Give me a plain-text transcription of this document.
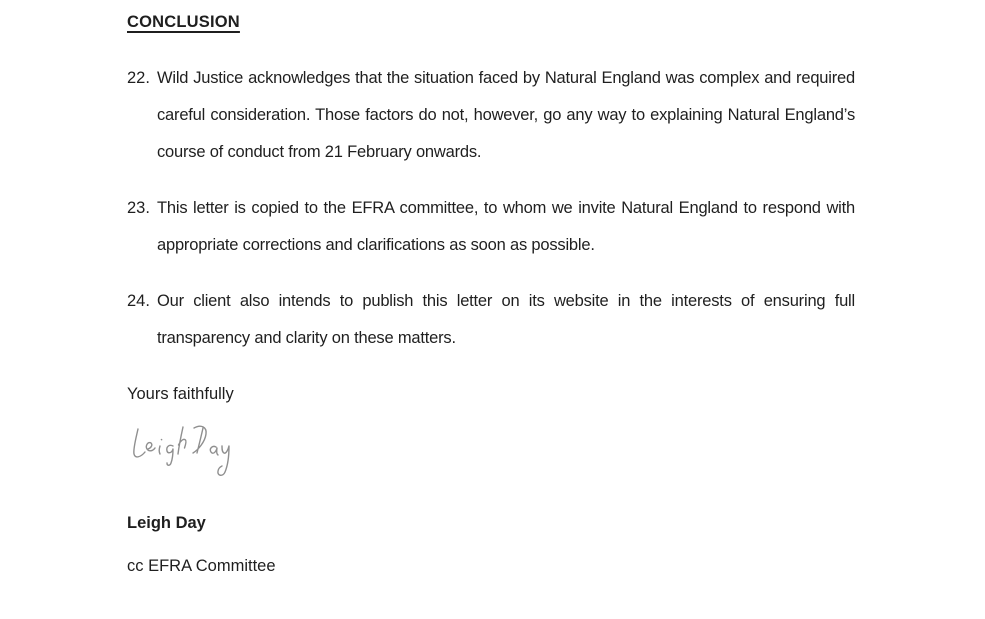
CONCLUSION
22. Wild Justice acknowledges that the situation faced by Natural England was complex and required careful consideration. Those factors do not, however, go any way to explaining Natural England’s course of conduct from 21 February onwards.
23. This letter is copied to the EFRA committee, to whom we invite Natural England to respond with appropriate corrections and clarifications as soon as possible.
24. Our client also intends to publish this letter on its website in the interests of ensuring full transparency and clarity on these matters.
Yours faithfully
Leigh Day
cc EFRA Committee
